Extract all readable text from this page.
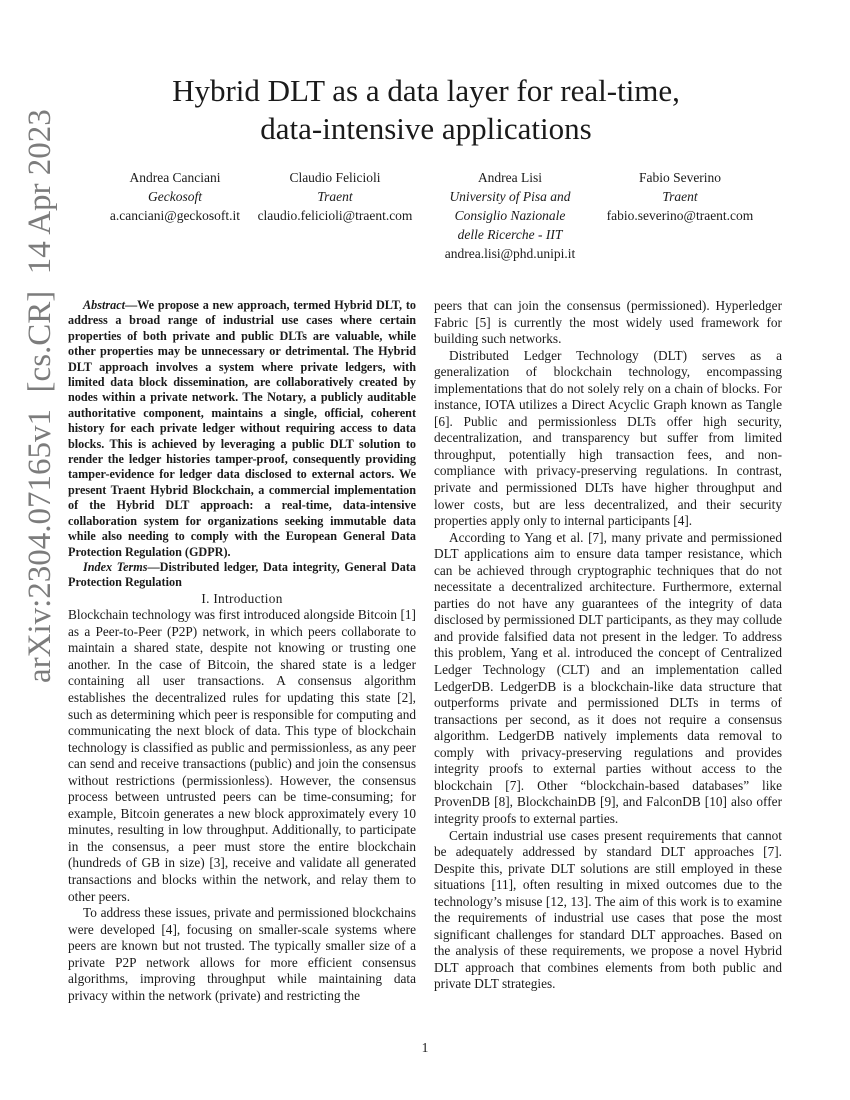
arXiv:2304.07165v1  [cs.CR]  14 Apr 2023
Hybrid DLT as a data layer for real-time,
data-intensive applications
Andrea Canciani
Geckosoft
a.canciani@geckosoft.it
Claudio Felicioli
Traent
claudio.felicioli@traent.com
Andrea Lisi
University of Pisa and
Consiglio Nazionale
delle Ricerche - IIT
andrea.lisi@phd.unipi.it
Fabio Severino
Traent
fabio.severino@traent.com

Abstract—We propose a new approach, termed Hybrid DLT, to address a broad range of industrial use cases where certain properties of both private and public DLTs are valuable, while other properties may be unnecessary or detrimental. The Hybrid DLT approach involves a system where private ledgers, with limited data block dissemination, are collaboratively created by nodes within a private network. The Notary, a publicly auditable authoritative component, maintains a single, official, coherent history for each private ledger without requiring access to data blocks. This is achieved by leveraging a public DLT solution to render the ledger histories tamper-proof, consequently providing tamper-evidence for ledger data disclosed to external actors. We present Traent Hybrid Blockchain, a commercial implementation of the Hybrid DLT approach: a real-time, data-intensive collaboration system for organizations seeking immutable data while also needing to comply with the European General Data Protection Regulation (GDPR).

Index Terms—Distributed ledger, Data integrity, General Data Protection Regulation

I. Introduction

Blockchain technology was first introduced alongside Bitcoin [1] as a Peer-to-Peer (P2P) network, in which peers collaborate to maintain a shared state, despite not knowing or trusting one another. In the case of Bitcoin, the shared state is a ledger containing all user transactions. A consensus algorithm establishes the decentralized rules for updating this state [2], such as determining which peer is responsible for computing and communicating the next block of data. This type of blockchain technology is classified as public and permissionless, as any peer can send and receive transactions (public) and join the consensus without restrictions (permissionless). However, the consensus process between untrusted peers can be time-consuming; for example, Bitcoin generates a new block approximately every 10 minutes, resulting in low throughput. Additionally, to participate in the consensus, a peer must store the entire blockchain (hundreds of GB in size) [3], receive and validate all generated transactions and blocks within the network, and relay them to other peers.

To address these issues, private and permissioned blockchains were developed [4], focusing on smaller-scale systems where peers are known but not trusted. The typically smaller size of a private P2P network allows for more efficient consensus algorithms, improving throughput while maintaining data privacy within the network (private) and restricting the

peers that can join the consensus (permissioned). Hyperledger Fabric [5] is currently the most widely used framework for building such networks.

Distributed Ledger Technology (DLT) serves as a generalization of blockchain technology, encompassing implementations that do not solely rely on a chain of blocks. For instance, IOTA utilizes a Direct Acyclic Graph known as Tangle [6]. Public and permissionless DLTs offer high security, decentralization, and transparency but suffer from limited throughput, potentially high transaction fees, and non-compliance with privacy-preserving regulations. In contrast, private and permissioned DLTs have higher throughput and lower costs, but are less decentralized, and their security properties apply only to internal participants [4].

According to Yang et al. [7], many private and permissioned DLT applications aim to ensure data tamper resistance, which can be achieved through cryptographic techniques that do not necessitate a decentralized architecture. Furthermore, external parties do not have any guarantees of the integrity of data disclosed by permissioned DLT participants, as they may collude and provide falsified data not present in the ledger. To address this problem, Yang et al. introduced the concept of Centralized Ledger Technology (CLT) and an implementation called LedgerDB. LedgerDB is a blockchain-like data structure that outperforms private and permissioned DLTs in terms of transactions per second, as it does not require a consensus algorithm. LedgerDB natively implements data removal to comply with privacy-preserving regulations and provides integrity proofs to external parties without access to the blockchain [7]. Other “blockchain-based databases” like ProvenDB [8], BlockchainDB [9], and FalconDB [10] also offer integrity proofs to external parties.

Certain industrial use cases present requirements that cannot be adequately addressed by standard DLT approaches [7]. Despite this, private DLT solutions are still employed in these situations [11], often resulting in mixed outcomes due to the technology’s misuse [12, 13]. The aim of this work is to examine the requirements of industrial use cases that pose the most significant challenges for standard DLT approaches. Based on the analysis of these requirements, we propose a novel Hybrid DLT approach that combines elements from both public and private DLT strategies.

1
